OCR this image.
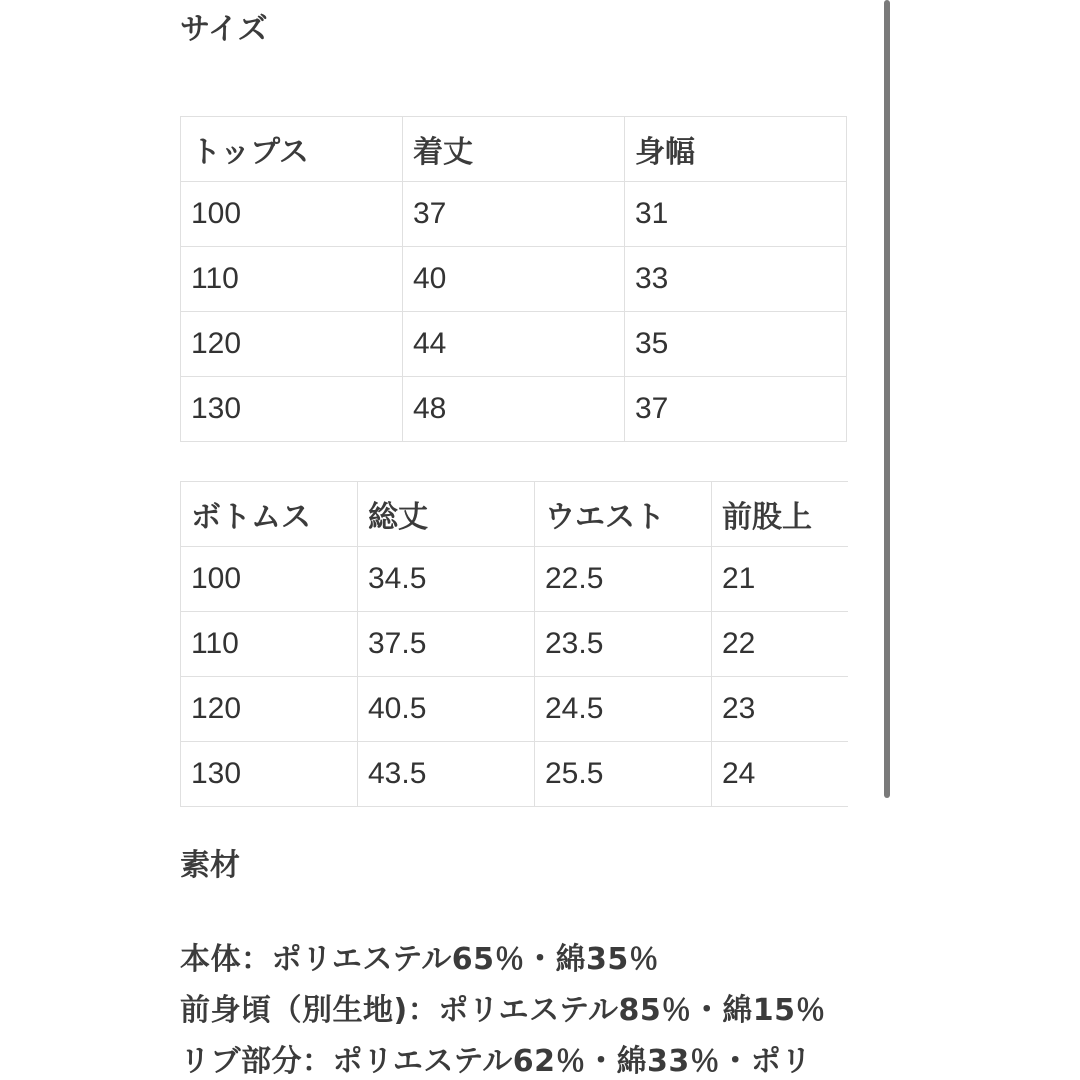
サイズ
トップス	着丈	身幅
100	37	31
110	40	33
120	44	35
130	48	37
ボトムス	総丈	ウエスト	前股上
100	34.5	22.5	21
110	37.5	23.5	22
120	40.5	24.5	23
130	43.5	25.5	24
素材
本体：ポリエステル65％・綿35％
前身頃（別生地)：ポリエステル85％・綿15％
リブ部分：ポリエステル62％・綿33％・ポリ
